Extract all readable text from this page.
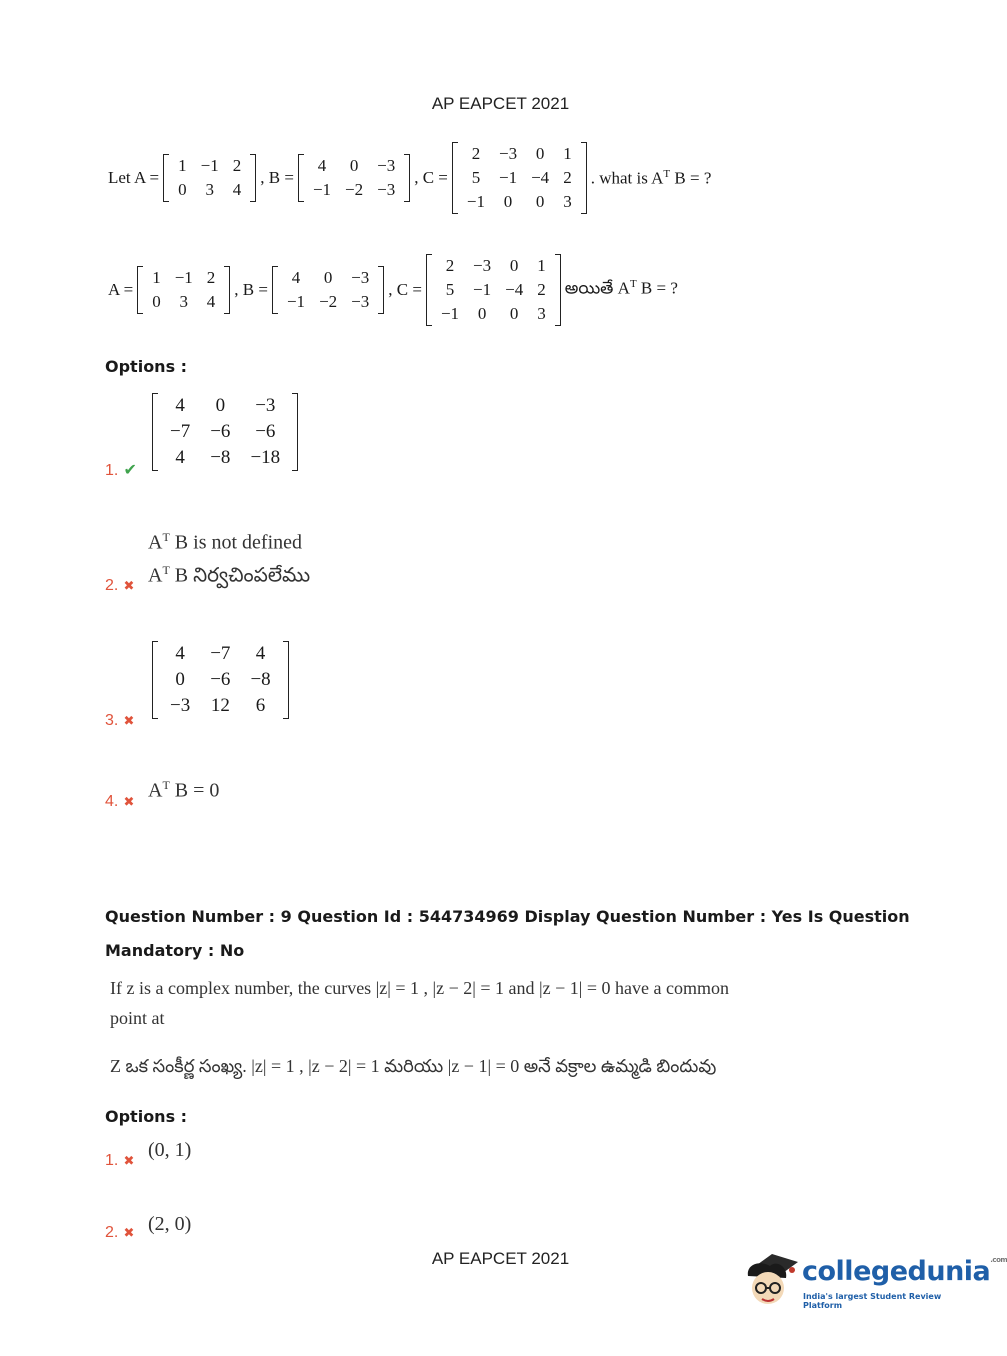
AP EAPCET 2021
Let A =
1	−1	2
0	3	4
, B =
4	0	−3
−1	−2	−3
, C =
2	−3	0	1
5	−1	−4	2
−1	0	0	3
. what is $A^T$ B = ?
A =
1	−1	2
0	3	4
, B =
4	0	−3
−1	−2	−3
, C =
2	−3	0	1
5	−1	−4	2
−1	0	0	3
అయితే $A^T$ B = ?
Options :
1. ✔
4	0	−3
−7	−6	−6
4	−8	−18
$A^T$ B is not defined
$A^T$ B నిర్వచింపలేము
2. ✖
4	−7	4
0	−6	−8
−3	12	6
3. ✖
4. ✖
$A^T$ B = 0
Question Number : 9 Question Id : 544734969 Display Question Number : Yes Is Question
Mandatory : No
If z is a complex number, the curves |z| = 1 , |z − 2| = 1 and |z − 1| = 0 have a common
point at
Z ఒక సంకీర్ణ సంఖ్య. |z| = 1 , |z − 2| = 1 మరియు |z − 1| = 0 అనే వక్రాల ఉమ్మడి బిందువు
Options :
1. ✖
(0, 1)
2. ✖ (2, 0)
AP EAPCET 2021	collegedunia$^{.com}$
India's largest Student Review Platform
